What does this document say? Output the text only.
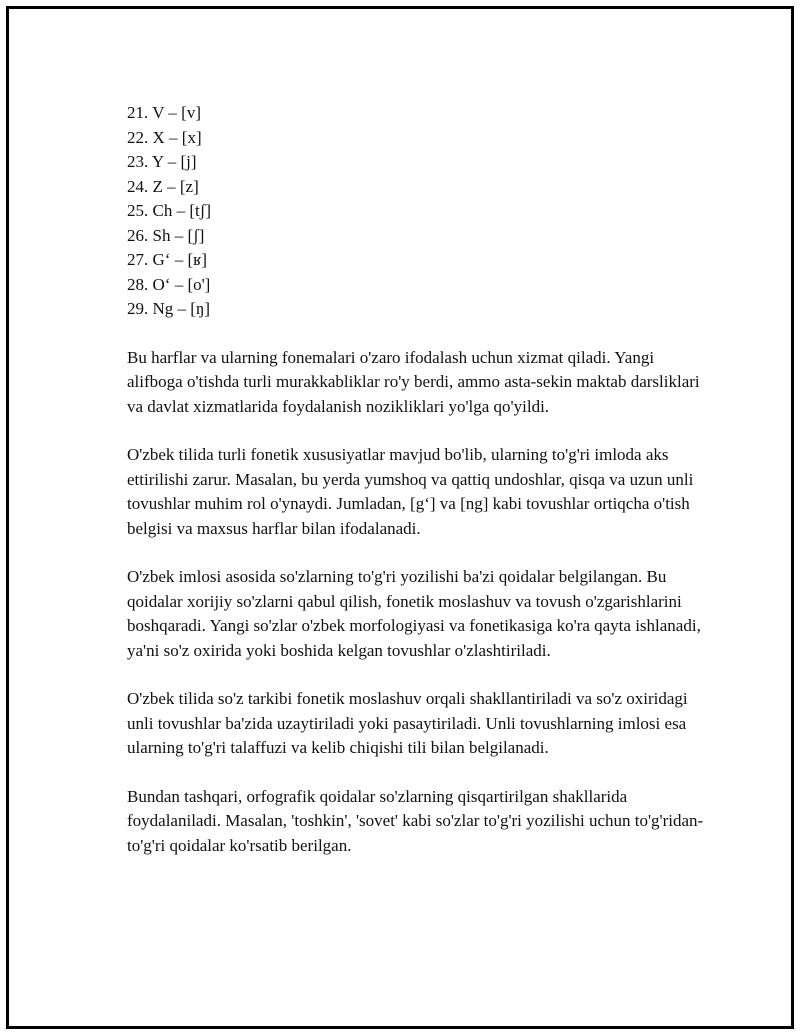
21. V – [v]
22. X – [x]
23. Y – [j]
24. Z – [z]
25. Ch – [tʃ]
26. Sh – [ʃ]
27. G‘ – [ʁ]
28. O‘ – [o']
29. Ng – [ŋ]

Bu harflar va ularning fonemalari o'zaro ifodalash uchun xizmat qiladi. Yangi alifboga o'tishda turli murakkabliklar ro'y berdi, ammo asta-sekin maktab darsliklari va davlat xizmatlarida foydalanish nozikliklari yo'lga qo'yildi.

O'zbek tilida turli fonetik xususiyatlar mavjud bo'lib, ularning to'g'ri imloda aks ettirilishi zarur. Masalan, bu yerda yumshoq va qattiq undoshlar, qisqa va uzun unli tovushlar muhim rol o'ynaydi. Jumladan, [g‘] va [ng] kabi tovushlar ortiqcha o'tish belgisi va maxsus harflar bilan ifodalanadi.

O'zbek imlosi asosida so'zlarning to'g'ri yozilishi ba'zi qoidalar belgilangan. Bu qoidalar xorijiy so'zlarni qabul qilish, fonetik moslashuv va tovush o'zgarishlarini boshqaradi. Yangi so'zlar o'zbek morfologiyasi va fonetikasiga ko'ra qayta ishlanadi, ya'ni so'z oxirida yoki boshida kelgan tovushlar o'zlashtiriladi.

O'zbek tilida so'z tarkibi fonetik moslashuv orqali shakllantiriladi va so'z oxiridagi unli tovushlar ba'zida uzaytiriladi yoki pasaytiriladi. Unli tovushlarning imlosi esa ularning to'g'ri talaffuzi va kelib chiqishi tili bilan belgilanadi.

Bundan tashqari, orfografik qoidalar so'zlarning qisqartirilgan shakllarida foydalaniladi. Masalan, 'toshkin', 'sovet' kabi so'zlar to'g'ri yozilishi uchun to'g'ridan-to'g'ri qoidalar ko'rsatib berilgan.
